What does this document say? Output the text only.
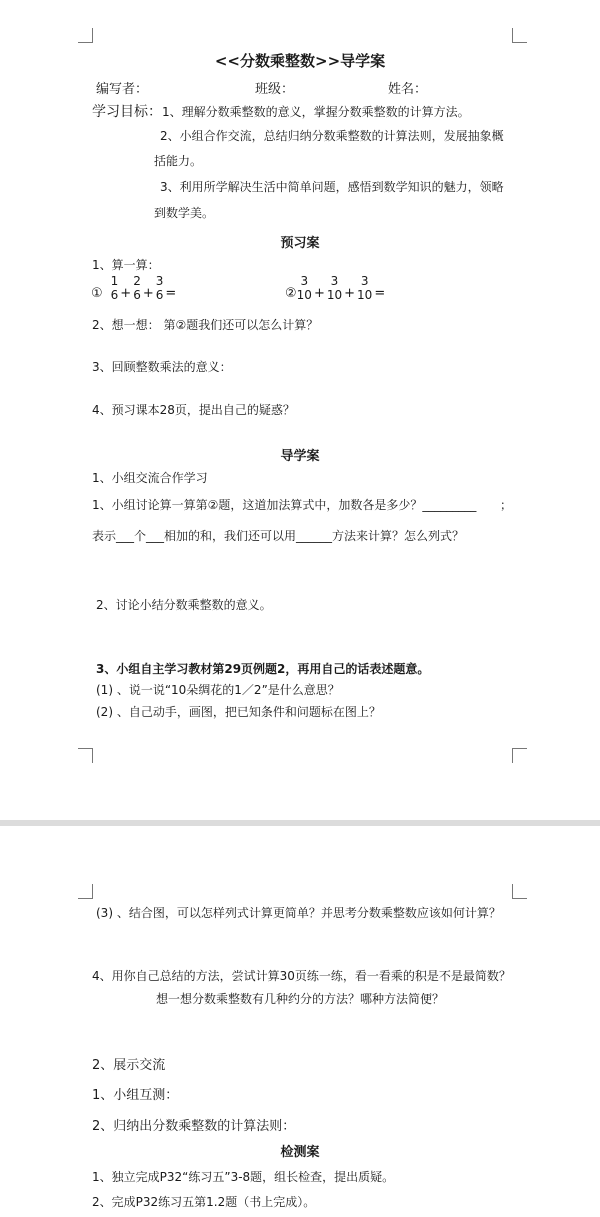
<<分数乘整数>>导学案
编写者：	班级：	姓名：
学习目标：1、理解分数乘整数的意义，掌握分数乘整数的计算方法。
2、小组合作交流，总结归纳分数乘整数的计算法则，发展抽象概
括能力。
3、利用所学解决生活中简单问题，感悟到数学知识的魅力，领略
到数学美。
预习案
1、算一算：
①
1
6 +
2
6 +
3
6 =	②
3
10 +
3
10 +
3
10 =
2、想一想： 第②题我们还可以怎么计算？
3、回顾整数乘法的意义：
4、预习课本28页，提出自己的疑惑？
导学案
1、小组交流合作学习
1、小组讨论算一算第②题，这道加法算式中，加数各是多少？_________ ；
表示___个___相加的和，我们还可以用______方法来计算？怎么列式？
2、讨论小结分数乘整数的意义。
3、小组自主学习教材第29页例题2，再用自己的话表述题意。
(1) 、说一说“10朵绸花的1／2”是什么意思？
(2) 、自己动手，画图，把已知条件和问题标在图上？
(3) 、结合图，可以怎样列式计算更简单？并思考分数乘整数应该如何计算？
4、用你自己总结的方法，尝试计算30页练一练，看一看乘的积是不是最简数？
想一想分数乘整数有几种约分的方法？哪种方法简便？
2、展示交流
1、小组互测：
2、归纳出分数乘整数的计算法则：
检测案
1、独立完成P32“练习五”3-8题，组长检查，提出质疑。
2、完成P32练习五第1.2题（书上完成）。
